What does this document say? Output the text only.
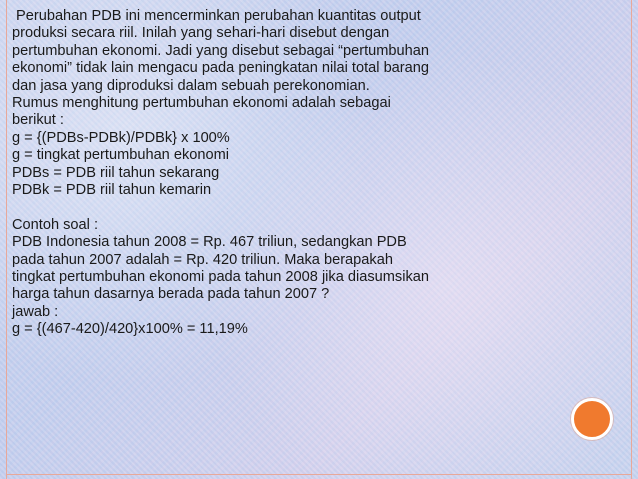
Perubahan PDB ini mencerminkan perubahan kuantitas output
produksi secara riil. Inilah yang sehari-hari disebut dengan
pertumbuhan ekonomi. Jadi yang disebut sebagai “pertumbuhan
ekonomi” tidak lain mengacu pada peningkatan nilai total barang
dan jasa yang diproduksi dalam sebuah perekonomian.
Rumus menghitung pertumbuhan ekonomi adalah sebagai
berikut :
g = {(PDBs-PDBk)/PDBk} x 100%
g = tingkat pertumbuhan ekonomi
PDBs = PDB riil tahun sekarang
PDBk = PDB riil tahun kemarin
Contoh soal :
PDB Indonesia tahun 2008 = Rp. 467 triliun, sedangkan PDB
pada tahun 2007 adalah = Rp. 420 triliun. Maka berapakah
tingkat pertumbuhan ekonomi pada tahun 2008 jika diasumsikan
harga tahun dasarnya berada pada tahun 2007 ?
jawab :
g = {(467-420)/420}x100% = 11,19%
